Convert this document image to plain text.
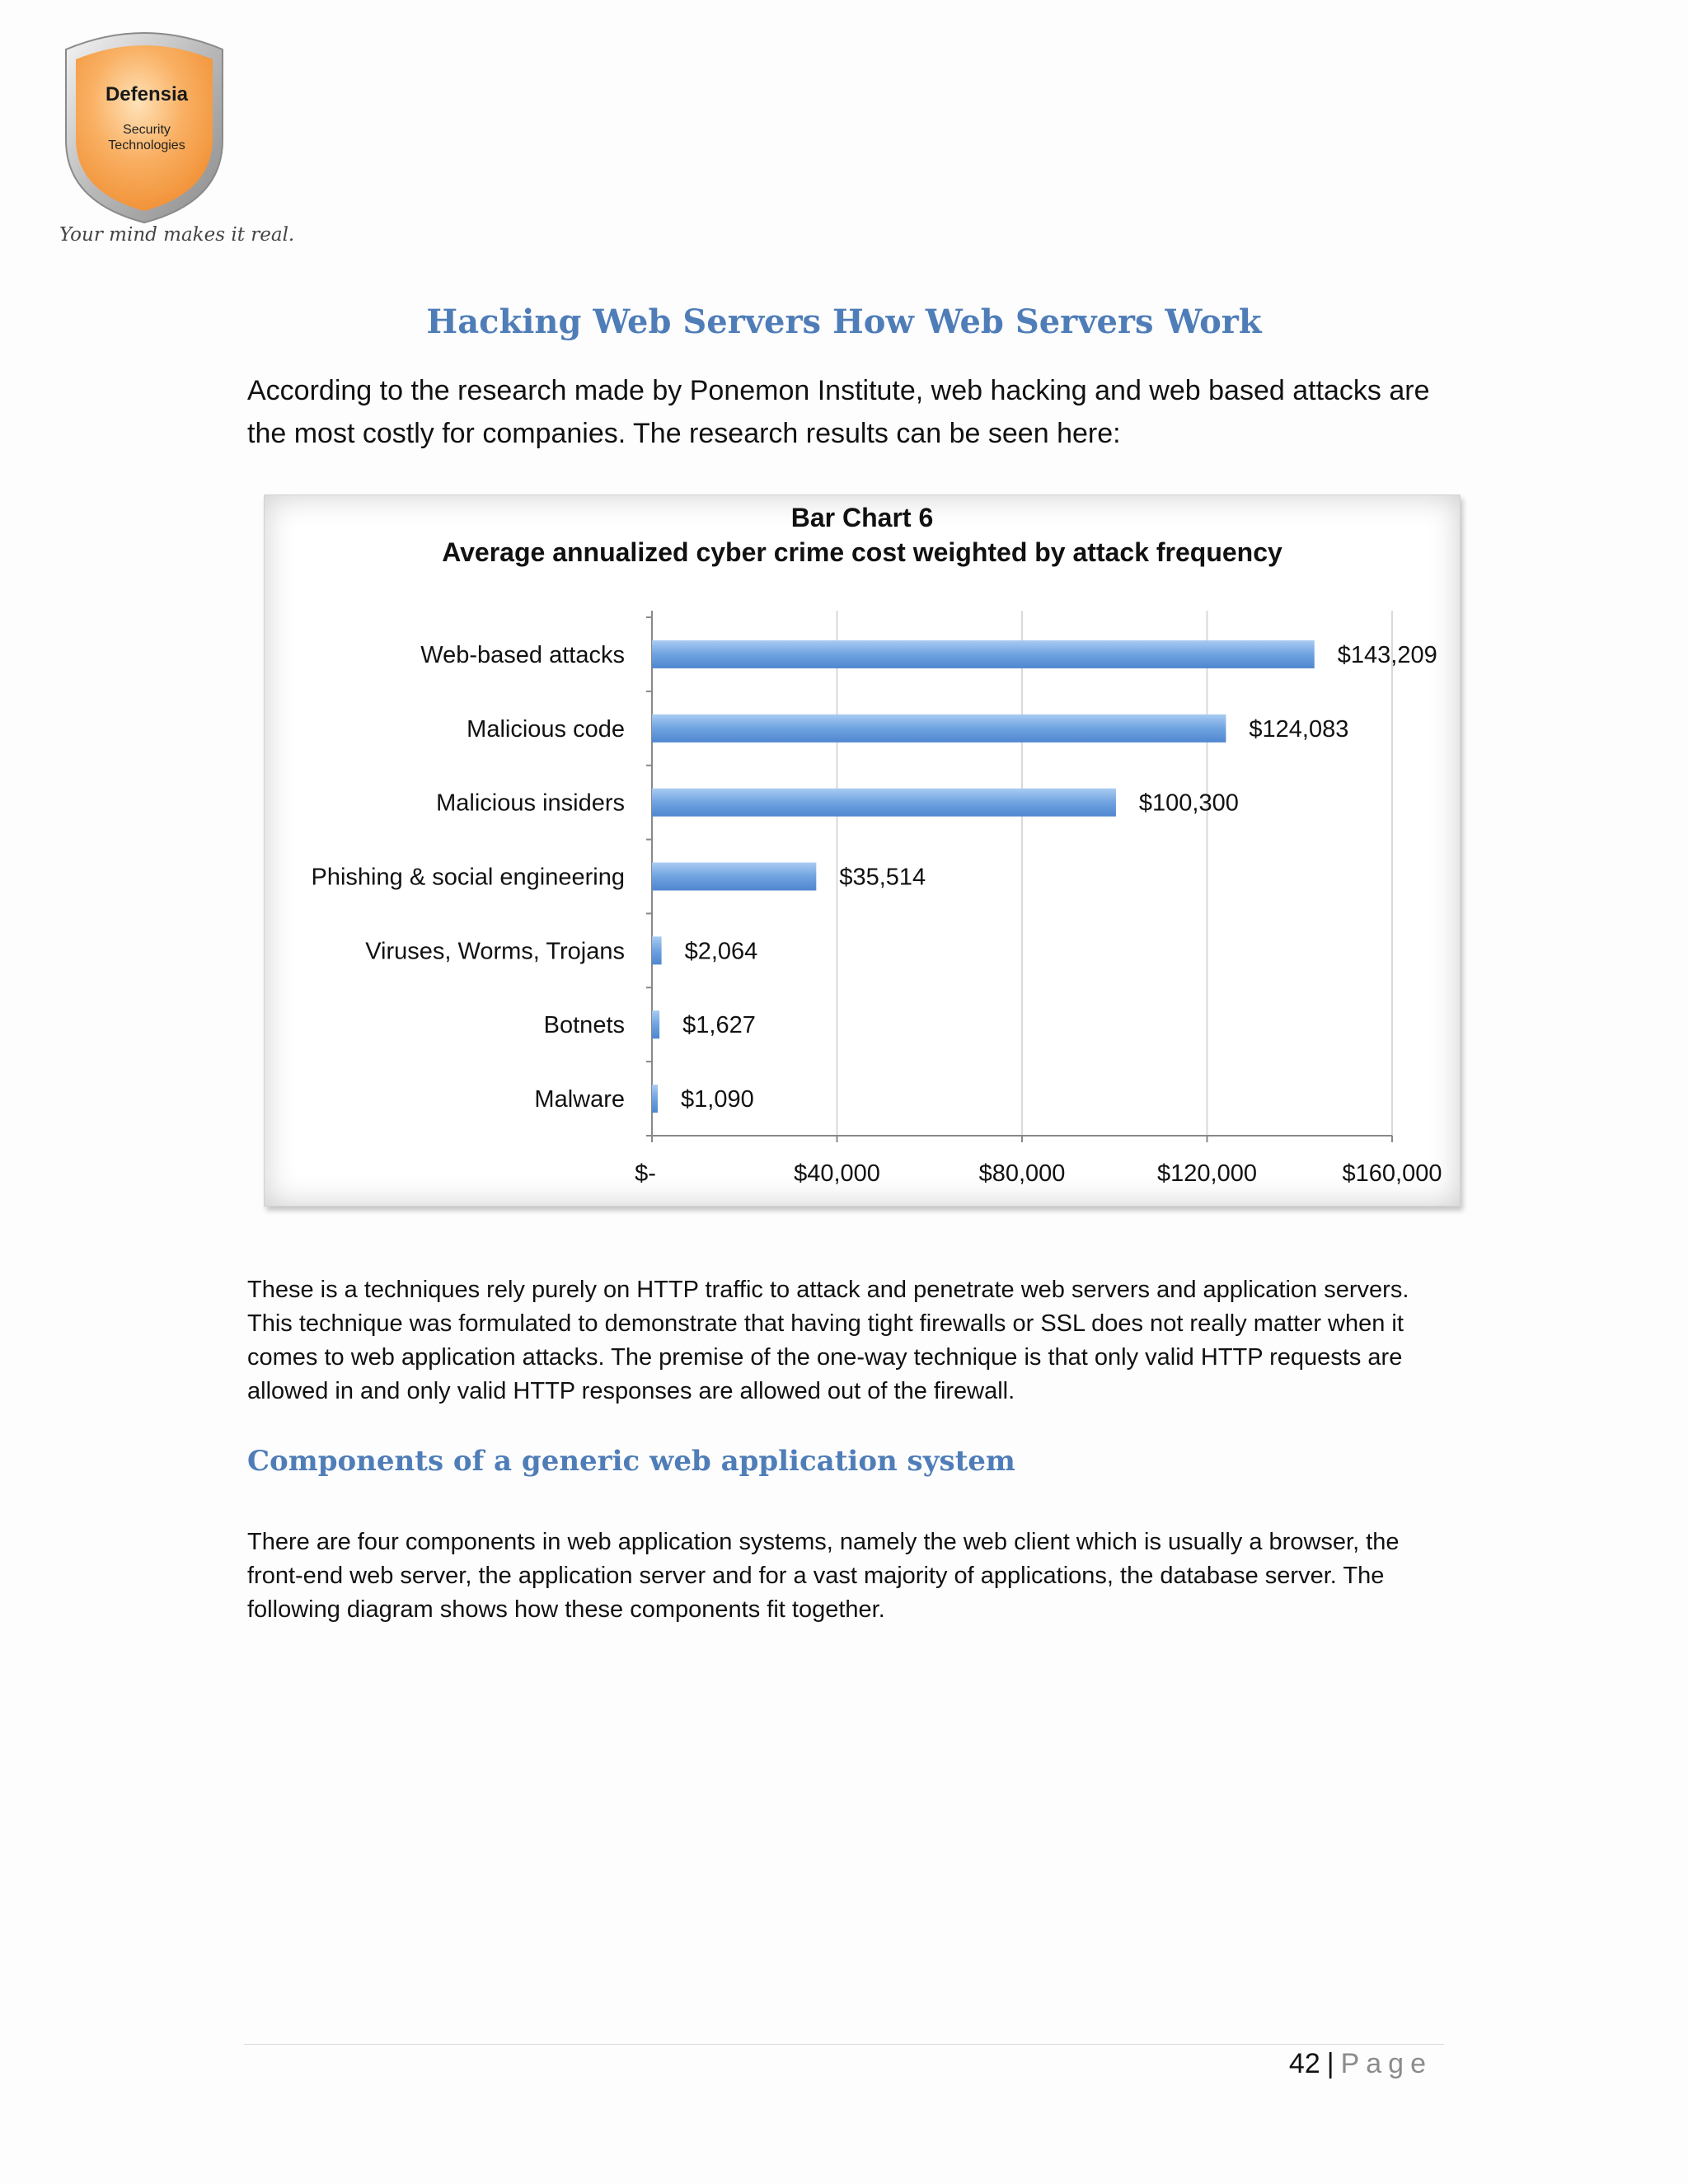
Defensia
Security
Technologies
Your mind makes it real.
Hacking Web Servers How Web Servers Work

According to the research made by Ponemon Institute, web hacking and web based attacks are the most costly for companies. The research results can be seen here:

Bar Chart 6
Average annualized cyber crime cost weighted by attack frequency
$-	$40,000	$80,000	$120,000	$160,000
Web-based attacks	$143,209
Malicious code	$124,083
Malicious insiders	$100,300
Phishing & social engineering	$35,514
Viruses, Worms, Trojans	$2,064
Botnets $1,627
Malware $1,090

These is a techniques rely purely on HTTP traffic to attack and penetrate web servers and application servers. This technique was formulated to demonstrate that having tight firewalls or SSL does not really matter when it comes to web application attacks. The premise of the one-way technique is that only valid HTTP requests are allowed in and only valid HTTP responses are allowed out of the firewall.

Components of a generic web application system

There are four components in web application systems, namely the web client which is usually a browser, the front-end web server, the application server and for a vast majority of applications, the database server. The following diagram shows how these components fit together.

42 | Page
